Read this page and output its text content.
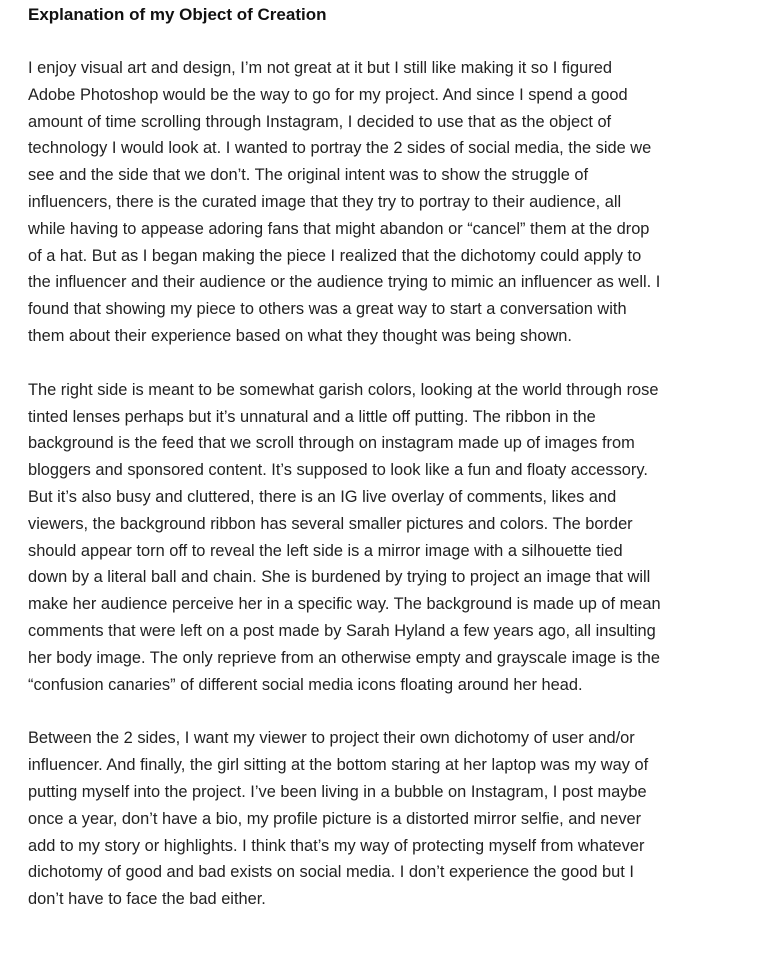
Explanation of my Object of Creation

I enjoy visual art and design, I’m not great at it but I still like making it so I figured
Adobe Photoshop would be the way to go for my project. And since I spend a good
amount of time scrolling through Instagram, I decided to use that as the object of
technology I would look at. I wanted to portray the 2 sides of social media, the side we
see and the side that we don’t. The original intent was to show the struggle of
influencers, there is the curated image that they try to portray to their audience, all
while having to appease adoring fans that might abandon or “cancel” them at the drop
of a hat. But as I began making the piece I realized that the dichotomy could apply to
the influencer and their audience or the audience trying to mimic an influencer as well. I
found that showing my piece to others was a great way to start a conversation with
them about their experience based on what they thought was being shown.

The right side is meant to be somewhat garish colors, looking at the world through rose
tinted lenses perhaps but it’s unnatural and a little off putting. The ribbon in the
background is the feed that we scroll through on instagram made up of images from
bloggers and sponsored content. It’s supposed to look like a fun and floaty accessory.
But it’s also busy and cluttered, there is an IG live overlay of comments, likes and
viewers, the background ribbon has several smaller pictures and colors. The border
should appear torn off to reveal the left side is a mirror image with a silhouette tied
down by a literal ball and chain. She is burdened by trying to project an image that will
make her audience perceive her in a specific way. The background is made up of mean
comments that were left on a post made by Sarah Hyland a few years ago, all insulting
her body image. The only reprieve from an otherwise empty and grayscale image is the
“confusion canaries” of different social media icons floating around her head.

Between the 2 sides, I want my viewer to project their own dichotomy of user and/or
influencer. And finally, the girl sitting at the bottom staring at her laptop was my way of
putting myself into the project. I’ve been living in a bubble on Instagram, I post maybe
once a year, don’t have a bio, my profile picture is a distorted mirror selfie, and never
add to my story or highlights. I think that’s my way of protecting myself from whatever
dichotomy of good and bad exists on social media. I don’t experience the good but I
don’t have to face the bad either.
